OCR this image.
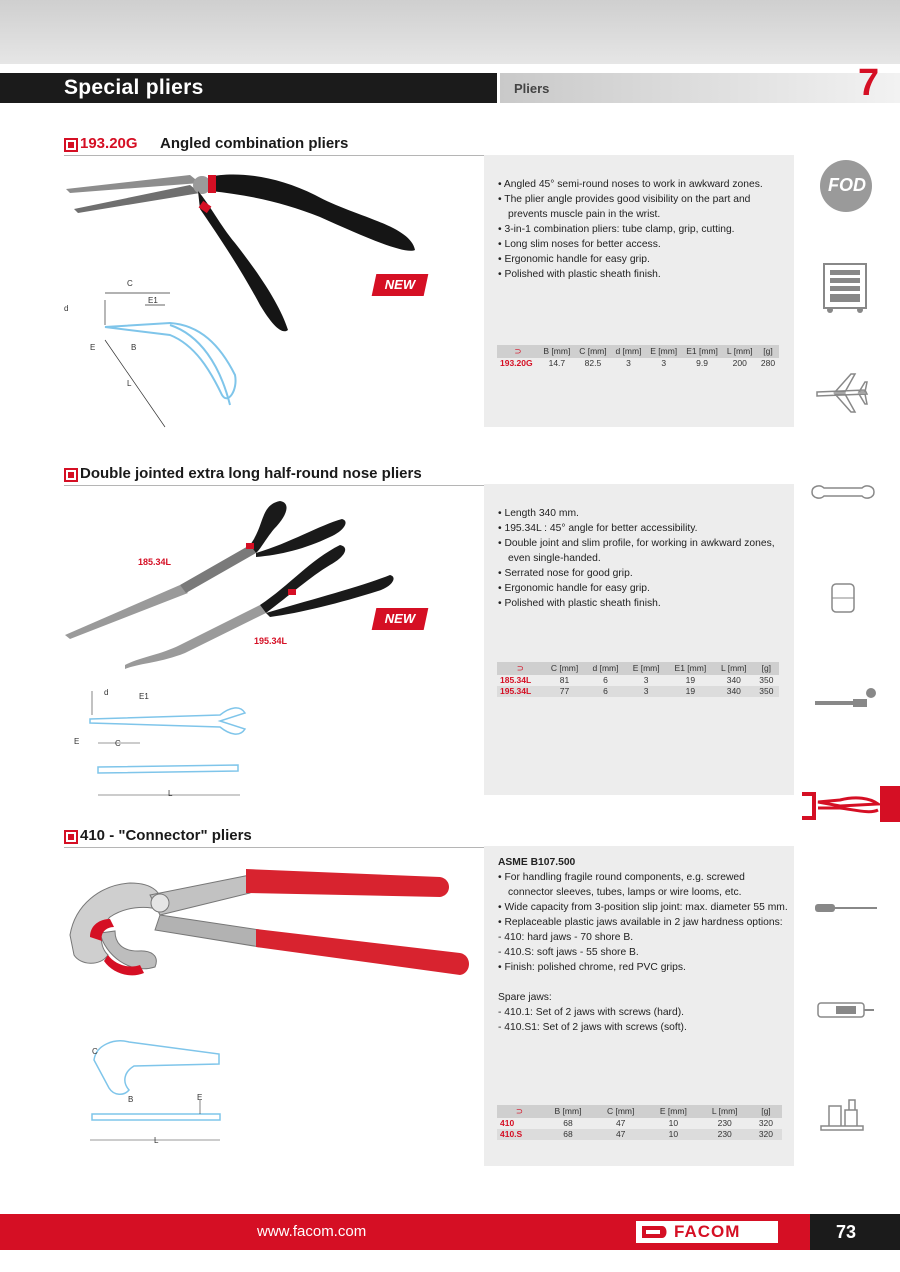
Special pliers	Pliers	7
193.20G Angled combination pliers
C
E1
d
E	B
L
NEW
• Angled 45° semi-round noses to work in awkward zones.
• The plier angle provides good visibility on the part and prevents muscle pain in the wrist.
• 3-in-1 combination pliers: tube clamp, grip, cutting.
• Long slim noses for better access.
• Ergonomic handle for easy grip.
• Polished with plastic sheath finish.
⊃	B [mm]	C [mm]	d [mm]	E [mm]	E1 [mm]	L [mm]	[g]
193.20G	14.7	82.5	3	3	9.9	200	280
Double jointed extra long half-round nose pliers
185.34L
195.34L
NEW
d	E1
E	C
L
• Length 340 mm.
• 195.34L : 45° angle for better accessibility.
• Double joint and slim profile, for working in awkward zones, even single-handed.
• Serrated nose for good grip.
• Ergonomic handle for easy grip.
• Polished with plastic sheath finish.
⊃	C [mm]	d [mm]	E [mm]	E1 [mm]	L [mm]	[g]
185.34L	81	6	3	19	340	350
195.34L	77	6	3	19	340	350
410 - "Connector" pliers
C
B	E
L
ASME B107.500
• For handling fragile round components, e.g. screwed connector sleeves, tubes, lamps or wire looms, etc.
• Wide capacity from 3-position slip joint: max. diameter 55 mm.
• Replaceable plastic jaws available in 2 jaw hardness options:
- 410: hard jaws - 70 shore B.
- 410.S: soft jaws - 55 shore B.
• Finish: polished chrome, red PVC grips.
Spare jaws:
- 410.1: Set of 2 jaws with screws (hard).
- 410.S1: Set of 2 jaws with screws (soft).
⊃	B [mm]	C [mm]	E [mm]	L [mm]	[g]
410	68	47	10	230	320
410.S	68	47	10	230	320
FOD
www.facom.com	FACOM	73
